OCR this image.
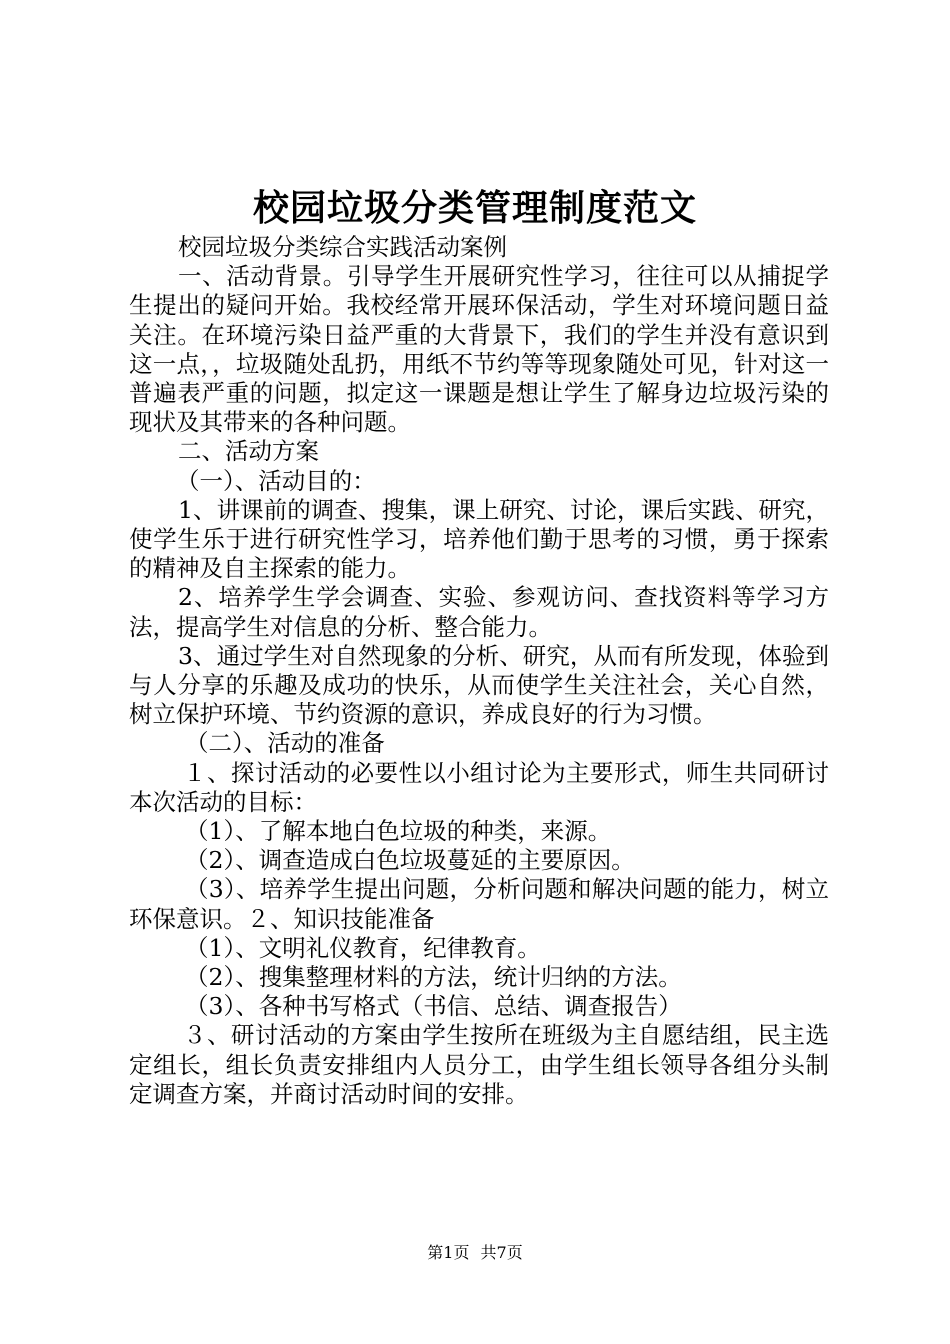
校园垃圾分类管理制度范文

校园垃圾分类综合实践活动案例

一、活动背景。引导学生开展研究性学习，往往可以从捕捉学生提出的疑问开始。我校经常开展环保活动，学生对环境问题日益关注。在环境污染日益严重的大背景下，我们的学生并没有意识到这一点，，垃圾随处乱扔，用纸不节约等等现象随处可见，针对这一普遍表严重的问题，拟定这一课题是想让学生了解身边垃圾污染的现状及其带来的各种问题。

二、活动方案

（一）、活动目的：

1、讲课前的调查、搜集，课上研究、讨论，课后实践、研究，使学生乐于进行研究性学习，培养他们勤于思考的习惯，勇于探索的精神及自主探索的能力。

2、培养学生学会调查、实验、参观访问、查找资料等学习方法，提高学生对信息的分析、整合能力。

3、通过学生对自然现象的分析、研究，从而有所发现，体验到与人分享的乐趣及成功的快乐，从而使学生关注社会，关心自然，树立保护环境、节约资源的意识，养成良好的行为习惯。

（二）、活动的准备

１、探讨活动的必要性以小组讨论为主要形式，师生共同研讨本次活动的目标：

（1）、了解本地白色垃圾的种类，来源。

（2）、调查造成白色垃圾蔓延的主要原因。

（3）、培养学生提出问题，分析问题和解决问题的能力，树立环保意识。２、知识技能准备

（1）、文明礼仪教育，纪律教育。

（2）、搜集整理材料的方法，统计归纳的方法。

（3）、各种书写格式（书信、总结、调查报告）

３、研讨活动的方案由学生按所在班级为主自愿结组，民主选定组长，组长负责安排组内人员分工，由学生组长领导各组分头制定调查方案，并商讨活动时间的安排。

第1页 共7页
